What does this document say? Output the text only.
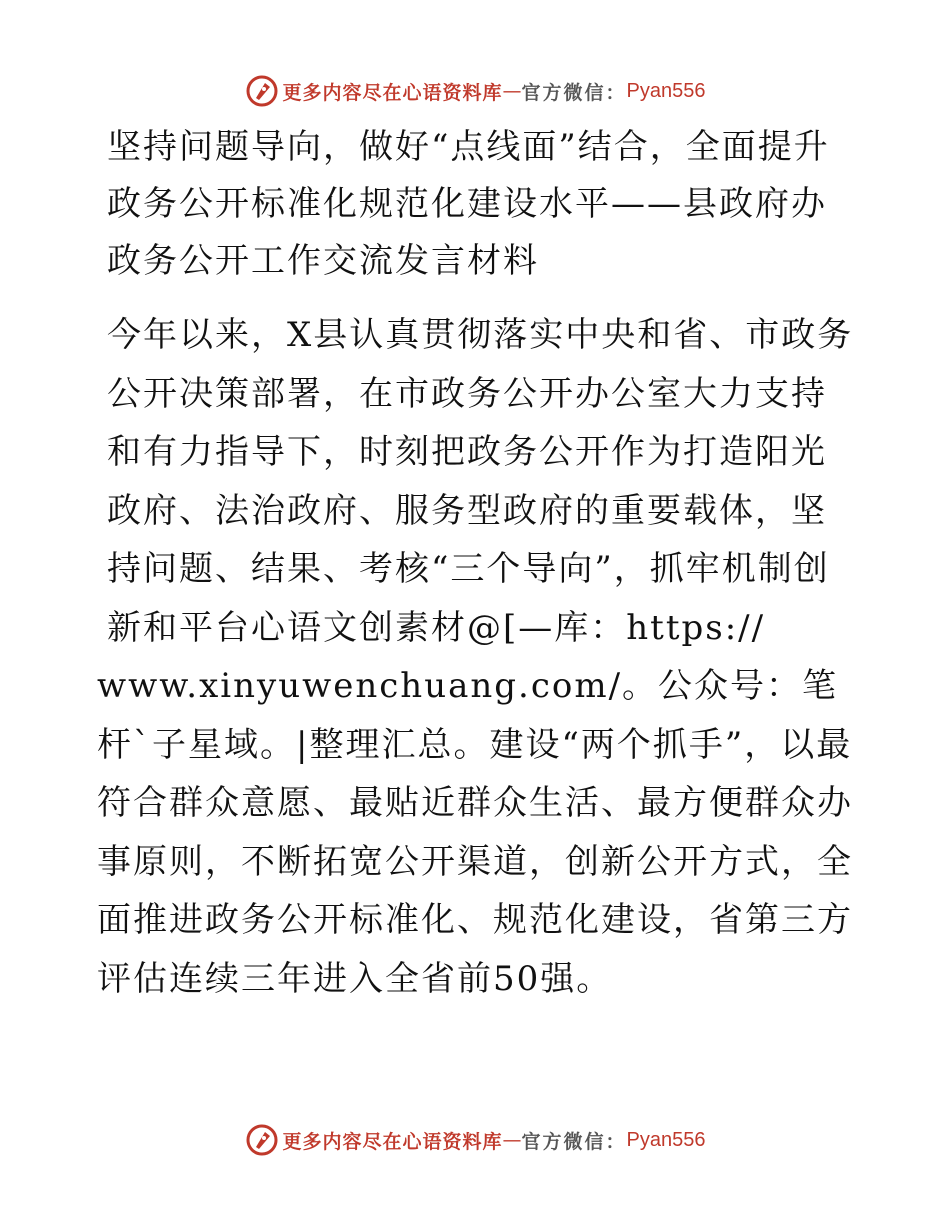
更多内容尽在心语资料库 — 官方微信： Pyan556
坚持问题导向，做好“点线面”结合，全面提升政务公开标准化规范化建设水平——县政府办政务公开工作交流发言材料

今年以来，X县认真贯彻落实中央和省、市政务公开决策部署，在市政务公开办公室大力支持和有力指导下，时刻把政务公开作为打造阳光政府、法治政府、服务型政府的重要载体，坚持问题、结果、考核“三个导向”，抓牢机制创新和平台心语文创素材@[—库：https://

www.xinyuwenchuang.com/。公众号：笔杆`子星域。|整理汇总。建设“两个抓手”，以最符合群众意愿、最贴近群众生活、最方便群众办事原则，不断拓宽公开渠道，创新公开方式，全面推进政务公开标准化、规范化建设，省第三方评估连续三年进入全省前50强。

更多内容尽在心语资料库 — 官方微信： Pyan556
